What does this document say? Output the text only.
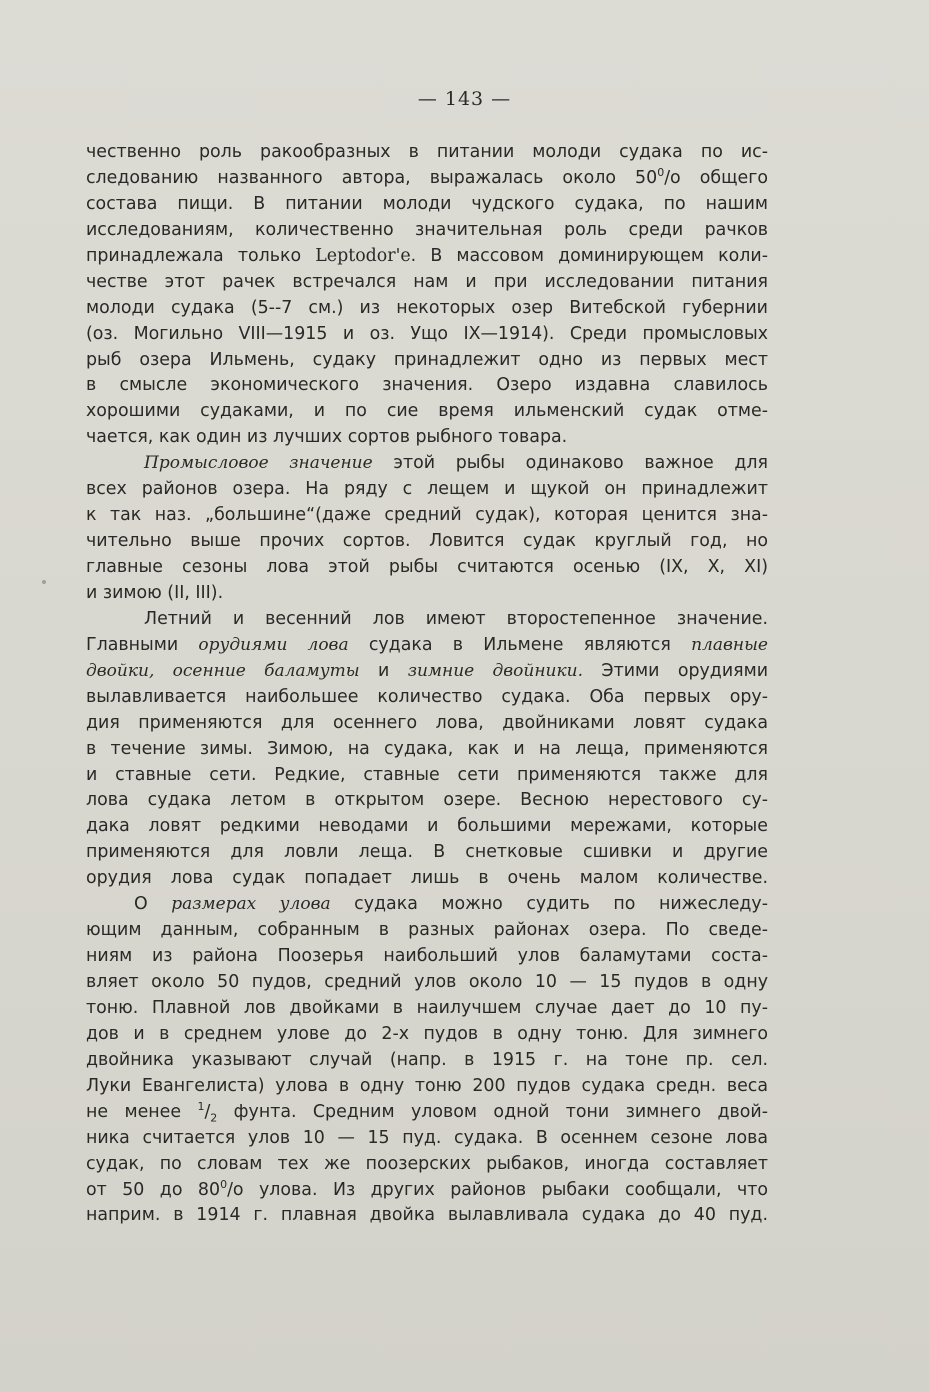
— 143 —
чественно роль ракообразных в питании молоди судака по ис-
следованию названного автора, выражалась около $50^0/о$ общего
состава пищи. В питании молоди чудского судака, по нашим
исследованиям, количественно значительная роль среди рачков
принадлежала только Leptodor'e. В массовом доминирующем коли-
честве этот рачек встречался нам и при исследовании питания
молоди судака (5--7 см.) из некоторых озер Витебской губернии
(оз. Могильно VIII—1915 и оз. Ущо IX—1914). Среди промысловых
рыб озера Ильмень, судаку принадлежит одно из первых мест
в смысле экономического значения. Озеро издавна славилось
хорошими судаками, и по сие время ильменский судак отме-
чается, как один из лучших сортов рыбного товара.
Промысловое значение этой рыбы одинаково важное для
всех районов озера. На ряду с лещем и щукой он принадлежит
к так наз. „большине“(даже средний судак), которая ценится зна-
чительно выше прочих сортов. Ловится судак круглый год, но
главные сезоны лова этой рыбы считаются осенью (IX, X, XI)
и зимою (II, III).
Летний и весенний лов имеют второстепенное значение.
Главными орудиями лова судака в Ильмене являются плавные
двойки, осенние баламуты и зимние двойники. Этими орудиями
вылавливается наибольшее количество судака. Оба первых ору-
дия применяются для осеннего лова, двойниками ловят судака
в течение зимы. Зимою, на судака, как и на леща, применяются
и ставные сети. Редкие, ставные сети применяются также для
лова судака летом в открытом озере. Весною нерестового су-
дака ловят редкими неводами и большими мережами, которые
применяются для ловли леща. В снетковые сшивки и другие
орудия лова судак попадает лишь в очень малом количестве.
О размерах улова судака можно судить по нижеследу-
ющим данным, собранным в разных районах озера. По сведе-
ниям из района Поозерья наибольший улов баламутами соста-
вляет около 50 пудов, средний улов около 10 — 15 пудов в одну
тоню. Плавной лов двойками в наилучшем случае дает до 10 пу-
дов и в среднем улове до 2-х пудов в одну тоню. Для зимнего
двойника указывают случай (напр. в 1915 г. на тоне пр. сел.
Луки Евангелиста) улова в одну тоню 200 пудов судака средн. веса
не менее $^1/_2$ фунта. Средним уловом одной тони зимнего двой-
ника считается улов 10 — 15 пуд. судака. В осеннем сезоне лова
судак, по словам тех же поозерских рыбаков, иногда составляет
от 50 до $80^0/о$ улова. Из других районов рыбаки сообщали, что
наприм. в 1914 г. плавная двойка вылавливала судака до 40 пуд.
